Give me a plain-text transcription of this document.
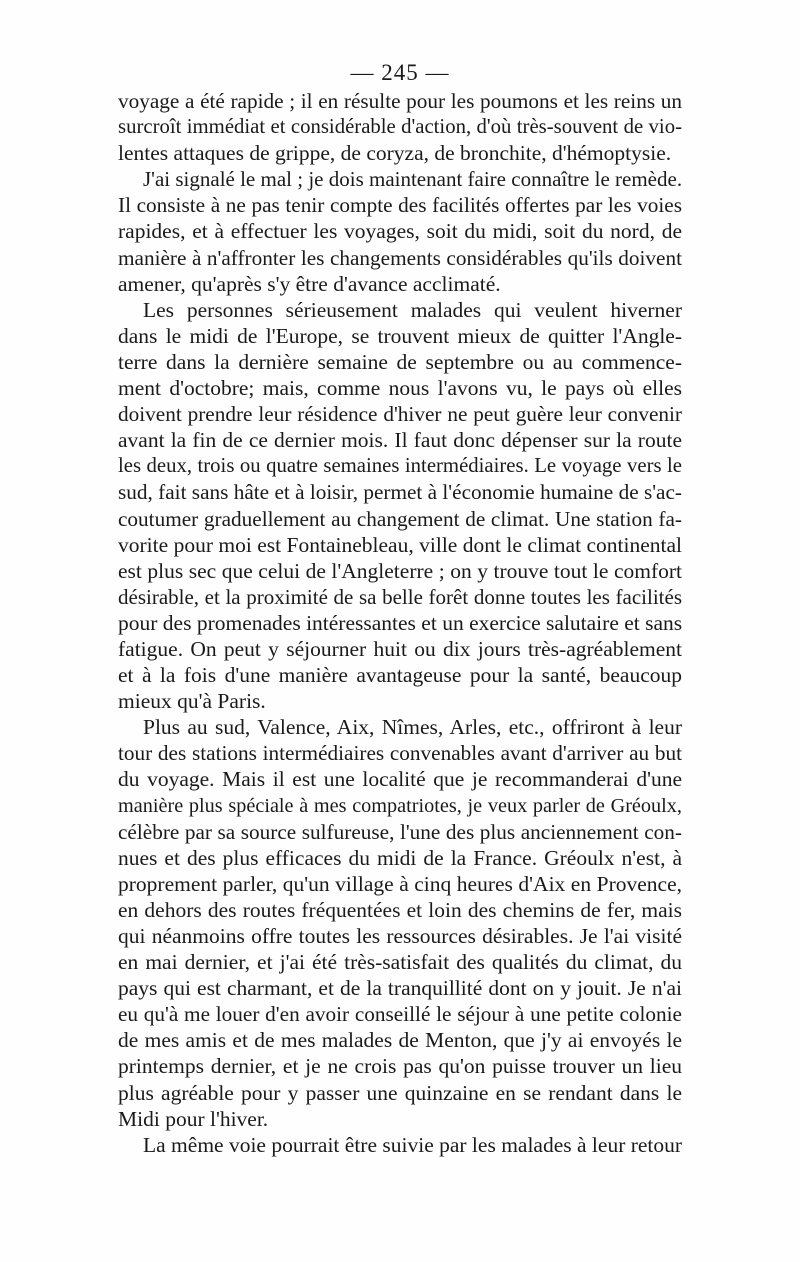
— 245 —
voyage a été rapide ; il en résulte pour les poumons et les reins un
surcroît immédiat et considérable d'action, d'où très-souvent de vio-
lentes attaques de grippe, de coryza, de bronchite, d'hémoptysie.
J'ai signalé le mal ; je dois maintenant faire connaître le remède.
Il consiste à ne pas tenir compte des facilités offertes par les voies
rapides, et à effectuer les voyages, soit du midi, soit du nord, de
manière à n'affronter les changements considérables qu'ils doivent
amener, qu'après s'y être d'avance acclimaté.
Les personnes sérieusement malades qui veulent hiverner
dans le midi de l'Europe, se trouvent mieux de quitter l'Angle-
terre dans la dernière semaine de septembre ou au commence-
ment d'octobre; mais, comme nous l'avons vu, le pays où elles
doivent prendre leur résidence d'hiver ne peut guère leur convenir
avant la fin de ce dernier mois. Il faut donc dépenser sur la route
les deux, trois ou quatre semaines intermédiaires. Le voyage vers le
sud, fait sans hâte et à loisir, permet à l'économie humaine de s'ac-
coutumer graduellement au changement de climat. Une station fa-
vorite pour moi est Fontainebleau, ville dont le climat continental
est plus sec que celui de l'Angleterre ; on y trouve tout le comfort
désirable, et la proximité de sa belle forêt donne toutes les facilités
pour des promenades intéressantes et un exercice salutaire et sans
fatigue. On peut y séjourner huit ou dix jours très-agréablement
et à la fois d'une manière avantageuse pour la santé, beaucoup
mieux qu'à Paris.
Plus au sud, Valence, Aix, Nîmes, Arles, etc., offriront à leur
tour des stations intermédiaires convenables avant d'arriver au but
du voyage. Mais il est une localité que je recommanderai d'une
manière plus spéciale à mes compatriotes, je veux parler de Gréoulx,
célèbre par sa source sulfureuse, l'une des plus anciennement con-
nues et des plus efficaces du midi de la France. Gréoulx n'est, à
proprement parler, qu'un village à cinq heures d'Aix en Provence,
en dehors des routes fréquentées et loin des chemins de fer, mais
qui néanmoins offre toutes les ressources désirables. Je l'ai visité
en mai dernier, et j'ai été très-satisfait des qualités du climat, du
pays qui est charmant, et de la tranquillité dont on y jouit. Je n'ai
eu qu'à me louer d'en avoir conseillé le séjour à une petite colonie
de mes amis et de mes malades de Menton, que j'y ai envoyés le
printemps dernier, et je ne crois pas qu'on puisse trouver un lieu
plus agréable pour y passer une quinzaine en se rendant dans le
Midi pour l'hiver.
La même voie pourrait être suivie par les malades à leur retour
